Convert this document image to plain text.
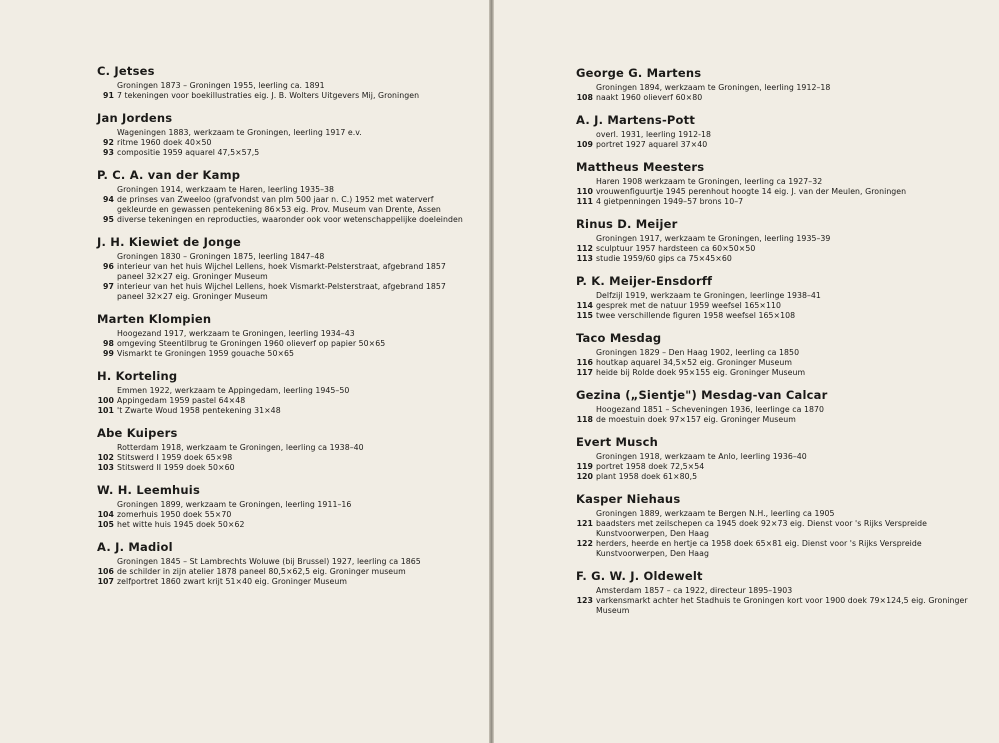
C. Jetses

Groningen 1873 – Groningen 1955, leerling ca. 1891

91 7 tekeningen voor boekillustraties eig. J. B. Wolters Uitgevers Mij, Groningen

Jan Jordens

Wageningen 1883, werkzaam te Groningen, leerling 1917 e.v.

92 ritme 1960 doek 40×50
93 compositie 1959 aquarel 47,5×57,5

P. C. A. van der Kamp

Groningen 1914, werkzaam te Haren, leerling 1935–38

94 de prinses van Zweeloo (grafvondst van plm 500 jaar n. C.) 1952 met waterverf gekleurde en gewassen pentekening 86×53 eig. Prov. Museum van Drente, Assen
95 diverse tekeningen en reproducties, waaronder ook voor wetenschappelijke doeleinden

J. H. Kiewiet de Jonge

Groningen 1830 – Groningen 1875, leerling 1847–48

96 interieur van het huis Wijchel Lellens, hoek Vismarkt-Pelsterstraat, afgebrand 1857 paneel 32×27 eig. Groninger Museum
97 interieur van het huis Wijchel Lellens, hoek Vismarkt-Pelsterstraat, afgebrand 1857 paneel 32×27 eig. Groninger Museum

Marten Klompien

Hoogezand 1917, werkzaam te Groningen, leerling 1934–43

98 omgeving Steentilbrug te Groningen 1960 olieverf op papier 50×65
99 Vismarkt te Groningen 1959 gouache 50×65

H. Korteling

Emmen 1922, werkzaam te Appingedam, leerling 1945–50

100 Appingedam 1959 pastel 64×48
101 't Zwarte Woud 1958 pentekening 31×48

Abe Kuipers

Rotterdam 1918, werkzaam te Groningen, leerling ca 1938–40

102 Stitswerd I 1959 doek 65×98
103 Stitswerd II 1959 doek 50×60

W. H. Leemhuis

Groningen 1899, werkzaam te Groningen, leerling 1911–16

104 zomerhuis 1950 doek 55×70
105 het witte huis 1945 doek 50×62

A. J. Madiol

Groningen 1845 – St Lambrechts Woluwe (bij Brussel) 1927, leerling ca 1865

106 de schilder in zijn atelier 1878 paneel 80,5×62,5 eig. Groninger museum
107 zelfportret 1860 zwart krijt 51×40 eig. Groninger Museum

George G. Martens

Groningen 1894, werkzaam te Groningen, leerling 1912–18

108 naakt 1960 olieverf 60×80

A. J. Martens-Pott

overl. 1931, leerling 1912-18

109 portret 1927 aquarel 37×40

Mattheus Meesters

Haren 1908 werkzaam te Groningen, leerling ca 1927–32

110 vrouwenfiguurtje 1945 perenhout hoogte 14 eig. J. van der Meulen, Groningen
111 4 gietpenningen 1949–57 brons 10–7

Rinus D. Meijer

Groningen 1917, werkzaam te Groningen, leerling 1935–39

112 sculptuur 1957 hardsteen ca 60×50×50
113 studie 1959/60 gips ca 75×45×60

P. K. Meijer-Ensdorff

Delfzijl 1919, werkzaam te Groningen, leerlinge 1938–41

114 gesprek met de natuur 1959 weefsel 165×110
115 twee verschillende figuren 1958 weefsel 165×108

Taco Mesdag

Groningen 1829 – Den Haag 1902, leerling ca 1850

116 houtkap aquarel 34,5×52 eig. Groninger Museum
117 heide bij Rolde doek 95×155 eig. Groninger Museum

Gezina („Sientje") Mesdag-van Calcar

Hoogezand 1851 – Scheveningen 1936, leerlinge ca 1870

118 de moestuin doek 97×157 eig. Groninger Museum

Evert Musch

Groningen 1918, werkzaam te Anlo, leerling 1936–40

119 portret 1958 doek 72,5×54
120 plant 1958 doek 61×80,5

Kasper Niehaus

Groningen 1889, werkzaam te Bergen N.H., leerling ca 1905

121 baadsters met zeilschepen ca 1945 doek 92×73 eig. Dienst voor 's Rijks Verspreide Kunstvoorwerpen, Den Haag
122 herders, heerde en hertje ca 1958 doek 65×81 eig. Dienst voor 's Rijks Verspreide Kunstvoorwerpen, Den Haag

F. G. W. J. Oldewelt

Amsterdam 1857 – ca 1922, directeur 1895–1903

123 varkensmarkt achter het Stadhuis te Groningen kort voor 1900 doek 79×124,5 eig. Groninger Museum
